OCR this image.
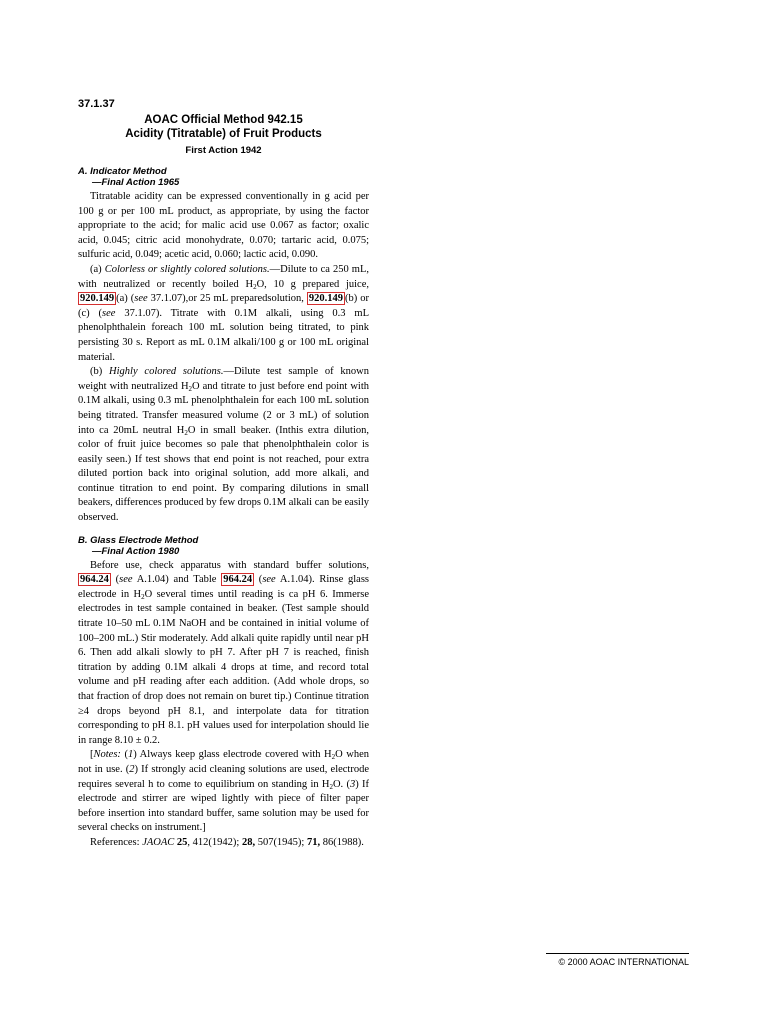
37.1.37
AOAC Official Method 942.15
Acidity (Titratable) of Fruit Products
First Action 1942
A. Indicator Method
—Final Action 1965

Titratable acidity can be expressed conventionally in g acid per 100 g or per 100 mL product, as appropriate, by using the factor appropriate to the acid; for malic acid use 0.067 as factor; oxalic acid, 0.045; citric acid monohydrate, 0.070; tartaric acid, 0.075; sulfuric acid, 0.049; acetic acid, 0.060; lactic acid, 0.090.

(a) Colorless or slightly colored solutions.—Dilute to ca 250 mL, with neutralized or recently boiled $H_2O$, 10 g prepared juice, 920.149 (a) (see 37.1.07),or 25 mL preparedsolution, 920.149 (b) or (c) (see 37.1.07). Titrate with 0.1M alkali, using 0.3 mL phenolphthalein foreach 100 mL solution being titrated, to pink persisting 30 s. Report as mL 0.1M alkali/100 g or 100 mL original material.

(b) Highly colored solutions.—Dilute test sample of known weight with neutralized $H_2O$ and titrate to just before end point with 0.1M alkali, using 0.3 mL phenolphthalein for each 100 mL solution being titrated. Transfer measured volume (2 or 3 mL) of solution into ca 20mL neutral $H_2O$ in small beaker. (Inthis extra dilution, color of fruit juice becomes so pale that phenolphthalein color is easily seen.) If test shows that end point is not reached, pour extra diluted portion back into original solution, add more alkali, and continue titration to end point. By comparing dilutions in small beakers, differences produced by few drops 0.1M alkali can be easily observed.

B. Glass Electrode Method
—Final Action 1980

Before use, check apparatus with standard buffer solutions, 964.24 (see A.1.04) and Table 964.24 (see A.1.04). Rinse glass electrode in $H_2O$ several times until reading is ca pH 6. Immerse electrodes in test sample contained in beaker. (Test sample should titrate 10–50 mL 0.1M NaOH and be contained in initial volume of 100–200 mL.) Stir moderately. Add alkali quite rapidly until near pH 6. Then add alkali slowly to pH 7. After pH 7 is reached, finish titration by adding 0.1M alkali 4 drops at time, and record total volume and pH reading after each addition. (Add whole drops, so that fraction of drop does not remain on buret tip.) Continue titration ≥4 drops beyond pH 8.1, and interpolate data for titration corresponding to pH 8.1. pH values used for interpolation should lie in range 8.10 ± 0.2.

[Notes: (1) Always keep glass electrode covered with $H_2O$ when not in use. (2) If strongly acid cleaning solutions are used, electrode requires several h to come to equilibrium on standing in $H_2O$. (3) If electrode and stirrer are wiped lightly with piece of filter paper before insertion into standard buffer, same solution may be used for several checks on instrument.]

References: JAOAC 25, 412(1942); 28, 507(1945); 71, 86(1988).

© 2000 AOAC INTERNATIONAL
